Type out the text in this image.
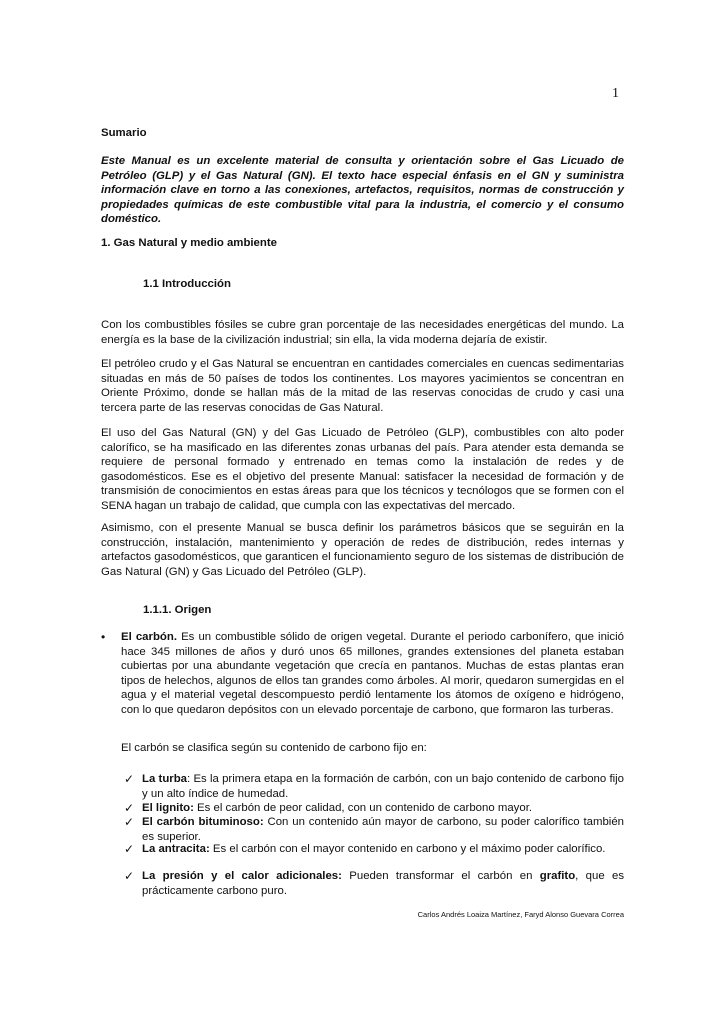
1
Sumario
Este Manual es un excelente material de consulta y orientación sobre el Gas Licuado de Petróleo (GLP) y el Gas Natural (GN). El texto hace especial énfasis en el GN y suministra información clave en torno a las conexiones, artefactos, requisitos, normas de construcción y propiedades químicas de este combustible vital para la industria, el comercio y el consumo doméstico.
1. Gas Natural y medio ambiente
1.1 Introducción
Con los combustibles fósiles se cubre gran porcentaje de las necesidades energéticas del mundo. La energía es la base de la civilización industrial; sin ella, la vida moderna dejaría de existir.
El petróleo crudo y el Gas Natural se encuentran en cantidades comerciales en cuencas sedimentarias situadas en más de 50 países de todos los continentes. Los mayores yacimientos se concentran en Oriente Próximo, donde se hallan más de la mitad de las reservas conocidas de crudo y casi una tercera parte de las reservas conocidas de Gas Natural.
El uso del Gas Natural (GN) y del Gas Licuado de Petróleo (GLP), combustibles con alto poder calorífico, se ha masificado en las diferentes zonas urbanas del país. Para atender esta demanda se requiere de personal formado y entrenado en temas como la instalación de redes y de gasodomésticos. Ese es el objetivo del presente Manual: satisfacer la necesidad de formación y de transmisión de conocimientos en estas áreas para que los técnicos y tecnólogos que se formen con el SENA hagan un trabajo de calidad, que cumpla con las expectativas del mercado.
Asimismo, con el presente Manual se busca definir los parámetros básicos que se seguirán en la construcción, instalación, mantenimiento y operación de redes de distribución, redes internas y artefactos gasodomésticos, que garanticen el funcionamiento seguro de los sistemas de distribución de Gas Natural (GN) y Gas Licuado del Petróleo (GLP).
1.1.1. Origen
• El carbón. Es un combustible sólido de origen vegetal. Durante el periodo carbonífero, que inició hace 345 millones de años y duró unos 65 millones, grandes extensiones del planeta estaban cubiertas por una abundante vegetación que crecía en pantanos. Muchas de estas plantas eran tipos de helechos, algunos de ellos tan grandes como árboles. Al morir, quedaron sumergidas en el agua y el material vegetal descompuesto perdió lentamente los átomos de oxígeno e hidrógeno, con lo que quedaron depósitos con un elevado porcentaje de carbono, que formaron las turberas.
El carbón se clasifica según su contenido de carbono fijo en:
✓ La turba: Es la primera etapa en la formación de carbón, con un bajo contenido de carbono fijo y un alto índice de humedad.
✓ El lignito: Es el carbón de peor calidad, con un contenido de carbono mayor.
✓ El carbón bituminoso: Con un contenido aún mayor de carbono, su poder calorífico también es superior.
✓ La antracita: Es el carbón con el mayor contenido en carbono y el máximo poder calorífico.
✓ La presión y el calor adicionales: Pueden transformar el carbón en grafito, que es prácticamente carbono puro.
Carlos Andrés Loaiza Martínez, Faryd Alonso Guevara Correa
